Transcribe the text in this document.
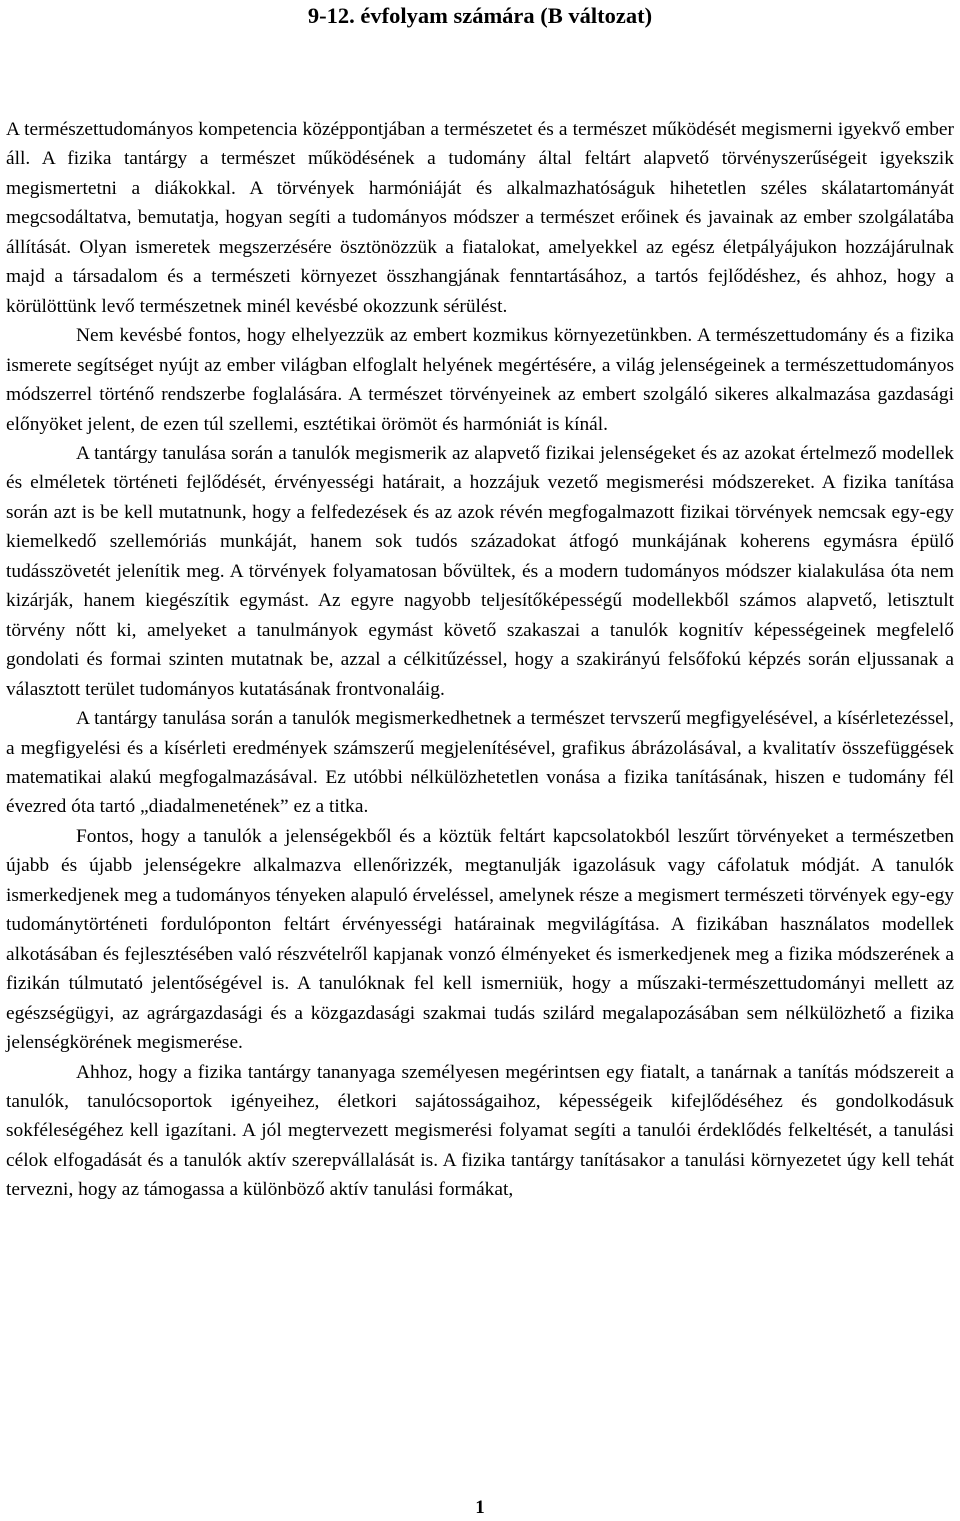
9-12. évfolyam számára (B változat)

A természettudományos kompetencia középpontjában a természetet és a természet működését megismerni igyekvő ember áll. A fizika tantárgy a természet működésének a tudomány által feltárt alapvető törvényszerűségeit igyekszik megismertetni a diákokkal. A törvények harmóniáját és alkalmazhatóságuk hihetetlen széles skálatartományát megcsodáltatva, bemutatja, hogyan segíti a tudományos módszer a természet erőinek és javainak az ember szolgálatába állítását. Olyan ismeretek megszerzésére ösztönözzük a fiatalokat, amelyekkel az egész életpályájukon hozzájárulnak majd a társadalom és a természeti környezet összhangjának fenntartásához, a tartós fejlődéshez, és ahhoz, hogy a körülöttünk levő természetnek minél kevésbé okozzunk sérülést.

Nem kevésbé fontos, hogy elhelyezzük az embert kozmikus környezetünkben. A természettudomány és a fizika ismerete segítséget nyújt az ember világban elfoglalt helyének megértésére, a világ jelenségeinek a természettudományos módszerrel történő rendszerbe foglalására. A természet törvényeinek az embert szolgáló sikeres alkalmazása gazdasági előnyöket jelent, de ezen túl szellemi, esztétikai örömöt és harmóniát is kínál.

A tantárgy tanulása során a tanulók megismerik az alapvető fizikai jelenségeket és az azokat értelmező modellek és elméletek történeti fejlődését, érvényességi határait, a hozzájuk vezető megismerési módszereket. A fizika tanítása során azt is be kell mutatnunk, hogy a felfedezések és az azok révén megfogalmazott fizikai törvények nemcsak egy-egy kiemelkedő szellemóriás munkáját, hanem sok tudós századokat átfogó munkájának koherens egymásra épülő tudásszövetét jelenítik meg. A törvények folyamatosan bővültek, és a modern tudományos módszer kialakulása óta nem kizárják, hanem kiegészítik egymást. Az egyre nagyobb teljesítőképességű modellekből számos alapvető, letisztult törvény nőtt ki, amelyeket a tanulmányok egymást követő szakaszai a tanulók kognitív képességeinek megfelelő gondolati és formai szinten mutatnak be, azzal a célkitűzéssel, hogy a szakirányú felsőfokú képzés során eljussanak a választott terület tudományos kutatásának frontvonaláig.

A tantárgy tanulása során a tanulók megismerkedhetnek a természet tervszerű megfigyelésével, a kísérletezéssel, a megfigyelési és a kísérleti eredmények számszerű megjelenítésével, grafikus ábrázolásával, a kvalitatív összefüggések matematikai alakú megfogalmazásával. Ez utóbbi nélkülözhetetlen vonása a fizika tanításának, hiszen e tudomány fél évezred óta tartó „diadalmenetének” ez a titka.

Fontos, hogy a tanulók a jelenségekből és a köztük feltárt kapcsolatokból leszűrt törvényeket a természetben újabb és újabb jelenségekre alkalmazva ellenőrizzék, megtanulják igazolásuk vagy cáfolatuk módját. A tanulók ismerkedjenek meg a tudományos tényeken alapuló érveléssel, amelynek része a megismert természeti törvények egy-egy tudománytörténeti fordulóponton feltárt érvényességi határainak megvilágítása. A fizikában használatos modellek alkotásában és fejlesztésében való részvételről kapjanak vonzó élményeket és ismerkedjenek meg a fizika módszerének a fizikán túlmutató jelentőségével is. A tanulóknak fel kell ismerniük, hogy a műszaki-természettudományi mellett az egészségügyi, az agrárgazdasági és a közgazdasági szakmai tudás szilárd megalapozásában sem nélkülözhető a fizika jelenségkörének megismerése.

Ahhoz, hogy a fizika tantárgy tananyaga személyesen megérintsen egy fiatalt, a tanárnak a tanítás módszereit a tanulók, tanulócsoportok igényeihez, életkori sajátosságaihoz, képességeik kifejlődéséhez és gondolkodásuk sokféleségéhez kell igazítani. A jól megtervezett megismerési folyamat segíti a tanulói érdeklődés felkeltését, a tanulási célok elfogadását és a tanulók aktív szerepvállalását is. A fizika tantárgy tanításakor a tanulási környezetet úgy kell tehát tervezni, hogy az támogassa a különböző aktív tanulási formákat,

1
